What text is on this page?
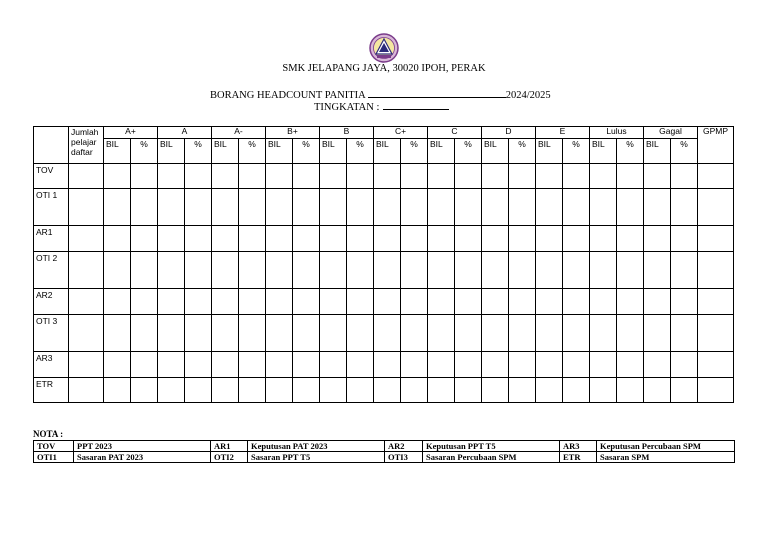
SMK JELAPANG JAYA, 30020 IPOH, PERAK
BORANG HEADCOUNT PANITIA	2024/2025
TINGKATAN :
	Jumlah pelajar daftar	A+		A		A-		B+		B		C+		C		D		E		Lulus		Gagal		GPMP
		BIL	%	BIL	%	BIL	%	BIL	%	BIL	%	BIL	%	BIL	%	BIL	%	BIL	%	BIL	%	BIL	%	
TOV																								
OTI 1																								
AR1																								
OTI 2																								
AR2																								
OTI 3																								
AR3																								
ETR																								
NOTA :
TOV	PPT 2023	AR1	Keputusan PAT 2023	AR2	Keputusan PPT T5	AR3	Keputusan Percubaan SPM
OTI1	Sasaran PAT 2023	OTI2	Sasaran PPT T5	OTI3	Sasaran Percubaan SPM	ETR	Sasaran SPM
